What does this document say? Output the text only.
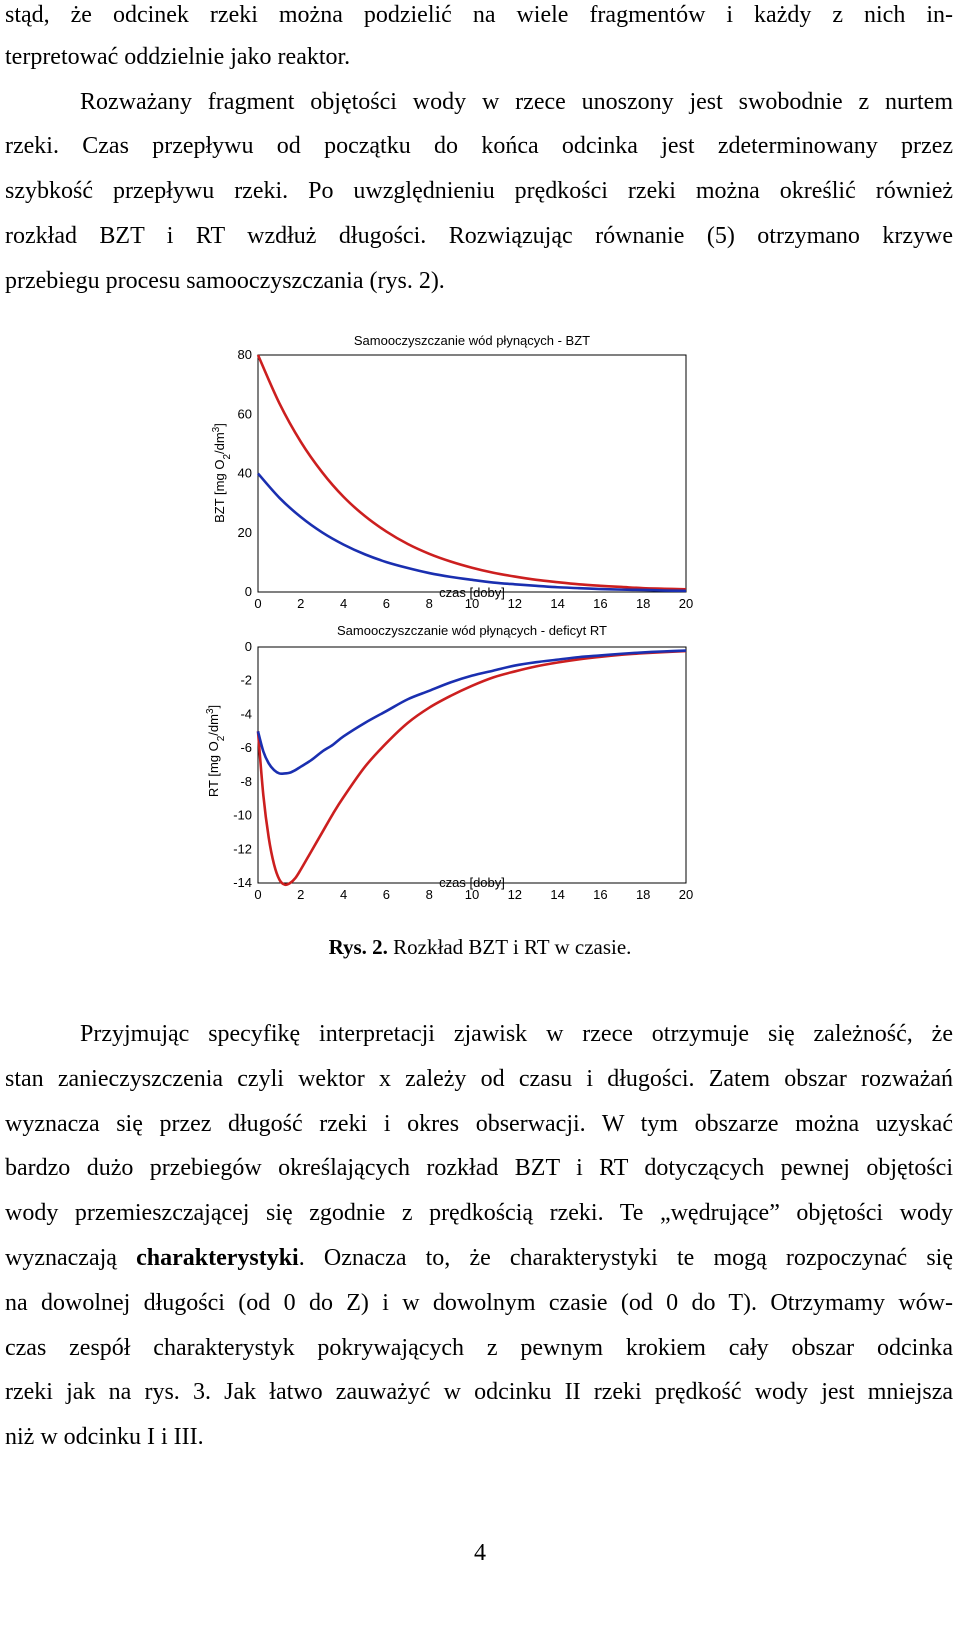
stąd, że odcinek rzeki można podzielić na wiele fragmentów i każdy z nich in-
terpretować oddzielnie jako reaktor.
Rozważany fragment objętości wody w rzece unoszony jest swobodnie z nurtem
rzeki. Czas przepływu od początku do końca odcinka jest zdeterminowany przez
szybkość przepływu rzeki. Po uwzględnieniu prędkości rzeki można określić również
rozkład BZT i RT wzdłuż długości. Rozwiązując równanie (5) otrzymano krzywe
przebiegu procesu samooczyszczania (rys. 2).
Samooczyszczanie wód płynących - BZT
0
20
40
60
80
0	2	4	6	8 10 12 14 16 18 20
czas [doby]
BZT [mg $O_2/dm^3$]
Samooczyszczanie wód płynących - deficyt RT
0
-2
-4
-6
-8
-10
-12
-14
0	2	4	6	8 10 12 14 16 18 20
czas [doby]
RT [mg $O_2/dm^3$]
Rys. 2. Rozkład BZT i RT w czasie.
Przyjmując specyfikę interpretacji zjawisk w rzece otrzymuje się zależność, że
stan zanieczyszczenia czyli wektor x zależy od czasu i długości. Zatem obszar rozważań
wyznacza się przez długość rzeki i okres obserwacji. W tym obszarze można uzyskać
bardzo dużo przebiegów określających rozkład BZT i RT dotyczących pewnej objętości
wody przemieszczającej się zgodnie z prędkością rzeki. Te „wędrujące” objętości wody
wyznaczają charakterystyki. Oznacza to, że charakterystyki te mogą rozpoczynać się
na dowolnej długości (od 0 do Z) i w dowolnym czasie (od 0 do T). Otrzymamy wów-
czas zespół charakterystyk pokrywających z pewnym krokiem cały obszar odcinka
rzeki jak na rys. 3. Jak łatwo zauważyć w odcinku II rzeki prędkość wody jest mniejsza
niż w odcinku I i III.
4
